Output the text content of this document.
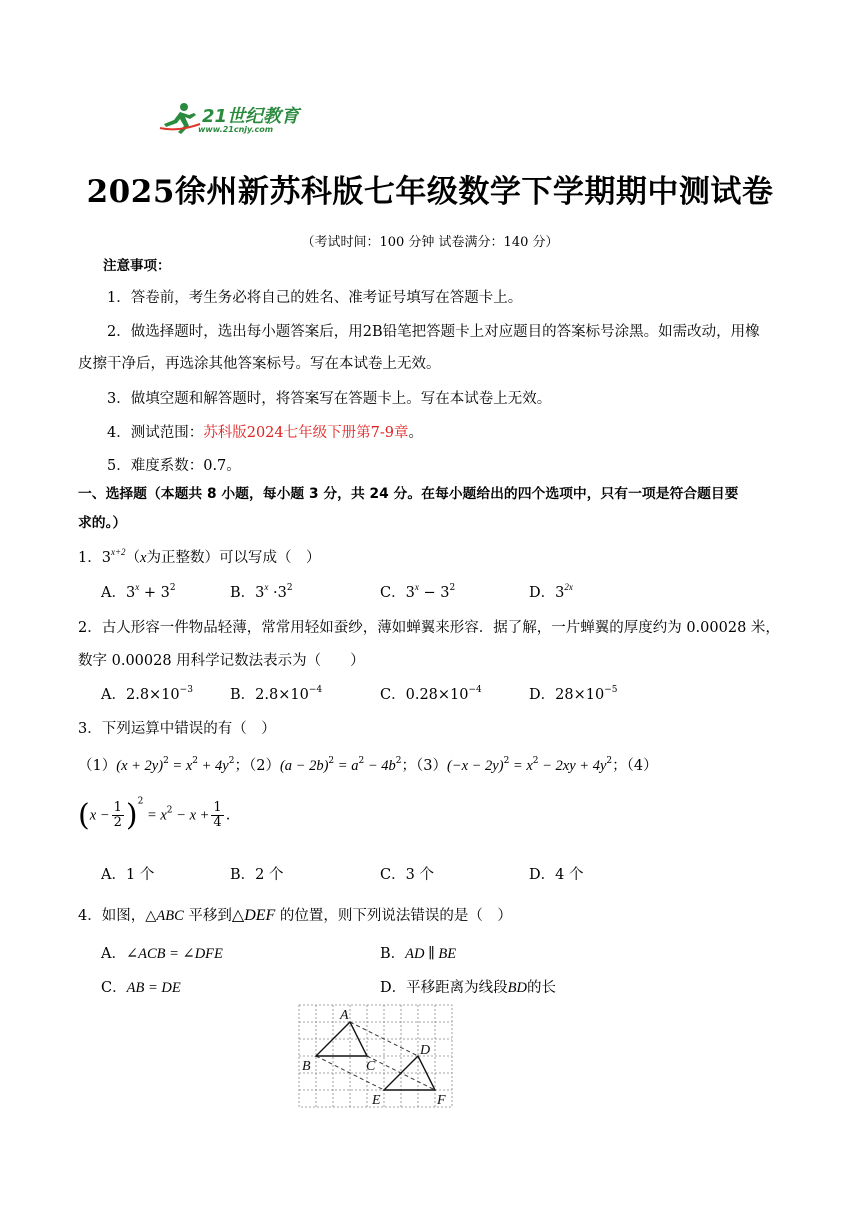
21世纪教育
www.21cnjy.com
2025徐州新苏科版七年级数学下学期期中测试卷
（考试时间：100 分钟 试卷满分：140 分）
注意事项：
1．答卷前，考生务必将自己的姓名、准考证号填写在答题卡上。
2．做选择题时，选出每小题答案后，用2B铅笔把答题卡上对应题目的答案标号涂黑。如需改动，用橡
皮擦干净后，再选涂其他答案标号。写在本试卷上无效。
3．做填空题和解答题时，将答案写在答题卡上。写在本试卷上无效。
4．测试范围：苏科版2024七年级下册第7-9章。
5．难度系数：0.7。
一、选择题（本题共 8 小题，每小题 3 分，共 24 分。在每小题给出的四个选项中，只有一项是符合题目要
求的。）
1．$3^{x+2}(x$为正整数）可以写成（　）
A．$3^x + 3^2$	B．$3^x \cdot 3^2$	C．$3^x - 3^2$	D．$3^{2x}$
2．古人形容一件物品轻薄，常常用轻如蚕纱，薄如蝉翼来形容．据了解，一片蝉翼的厚度约为 0.00028 米，
数字 0.00028 用科学记数法表示为（　　）
A．$2.8\times 10^{-3}$	B．$2.8\times 10^{-4}$	C．$0.28\times 10^{-4}$	D．$28\times 10^{-5}$
3．下列运算中错误的有（　）
$(1)(x + 2y)^2 = x^2 + 4y^2$；$(2)(a - 2b)^2 = a^2 - 4b^2$；$(3)(-x - 2y)^2 = x^2 - 2xy + 4y^2$；（4）
$(x - \frac{1}{2} )^2 = x^2 - x + \frac{1}{4}$ .
A．1 个	B．2 个	C．3 个	D．4 个
4．如图，△ABC 平移到△DEF 的位置，则下列说法错误的是（　）
A．∠ACB = ∠DFE	B．AD ∥ BE
C．AB = DE	D．平移距离为线段BD的长
A
B	C
D
E	F
